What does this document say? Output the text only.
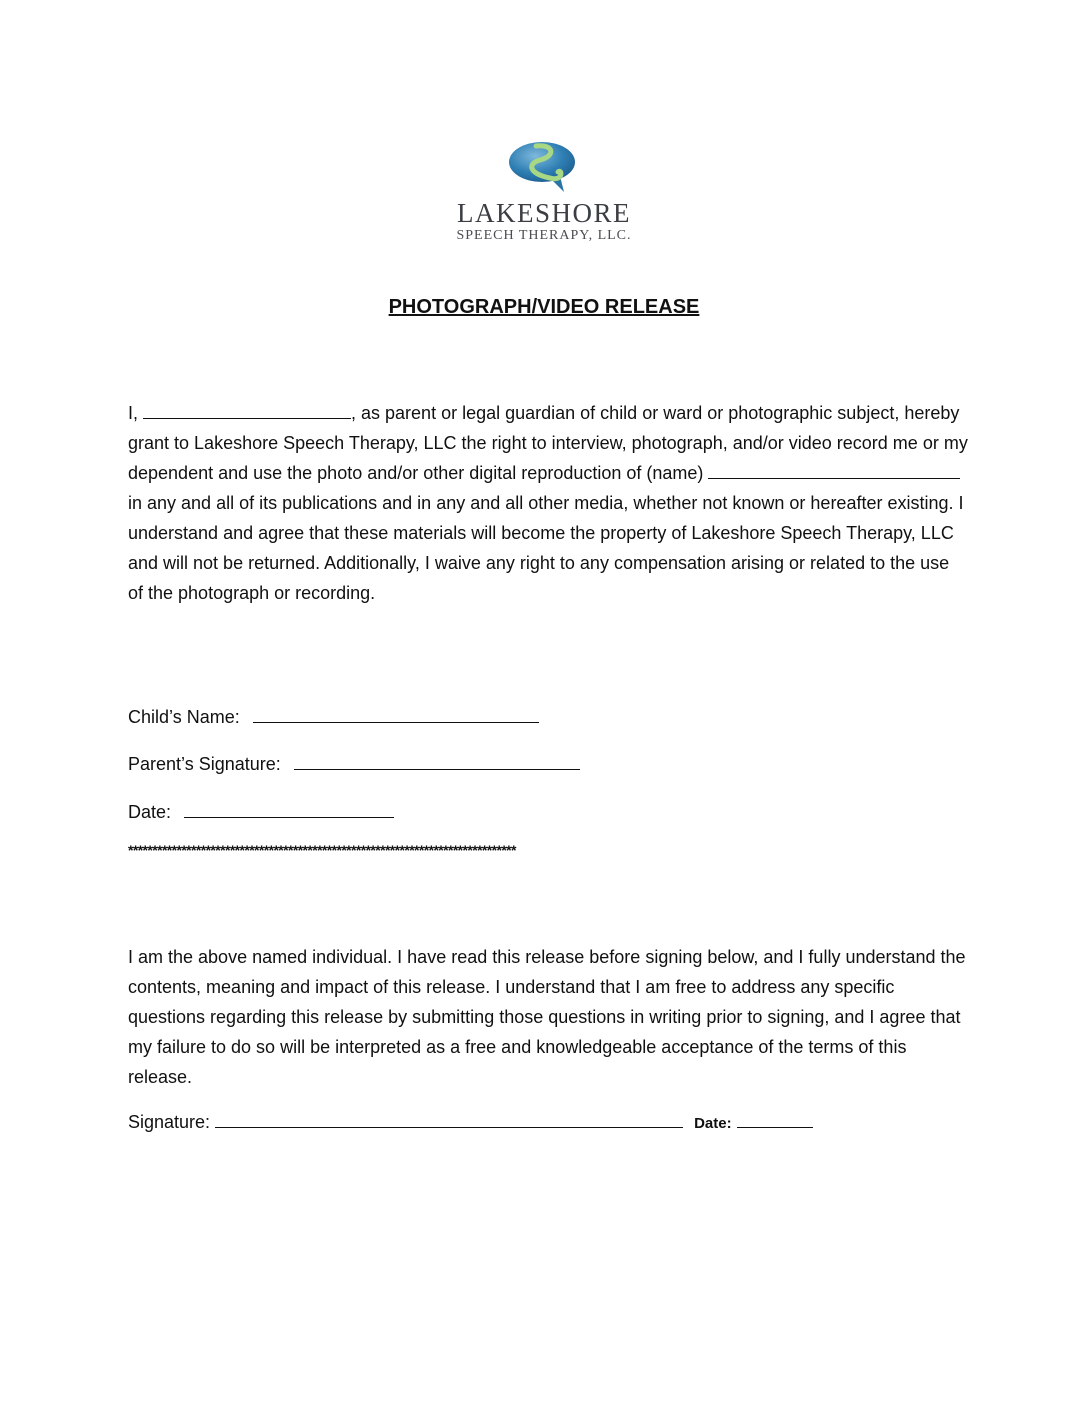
LAKESHORE
SPEECH THERAPY, LLC.
PHOTOGRAPH/VIDEO RELEASE

I,	, as parent or legal guardian of child or ward or photographic subject, hereby grant to Lakeshore Speech Therapy, LLC the right to interview, photograph, and/or video record me or my dependent and use the photo and/or other digital reproduction of (name)  in any and all of its publications and in any and all other media, whether not known or hereafter existing. I understand and agree that these materials will become the property of Lakeshore Speech Therapy, LLC and will not be returned. Additionally, I waive any right to any compensation arising or related to the use of the photograph or recording.

Child’s Name:
Parent’s Signature:
Date:
********************************************************************************

I am the above named individual. I have read this release before signing below, and I fully understand the contents, meaning and impact of this release. I understand that I am free to address any specific questions regarding this release by submitting those questions in writing prior to signing, and I agree that my failure to do so will be interpreted as a free and knowledgeable acceptance of the terms of this release.

Signature:	Date:
